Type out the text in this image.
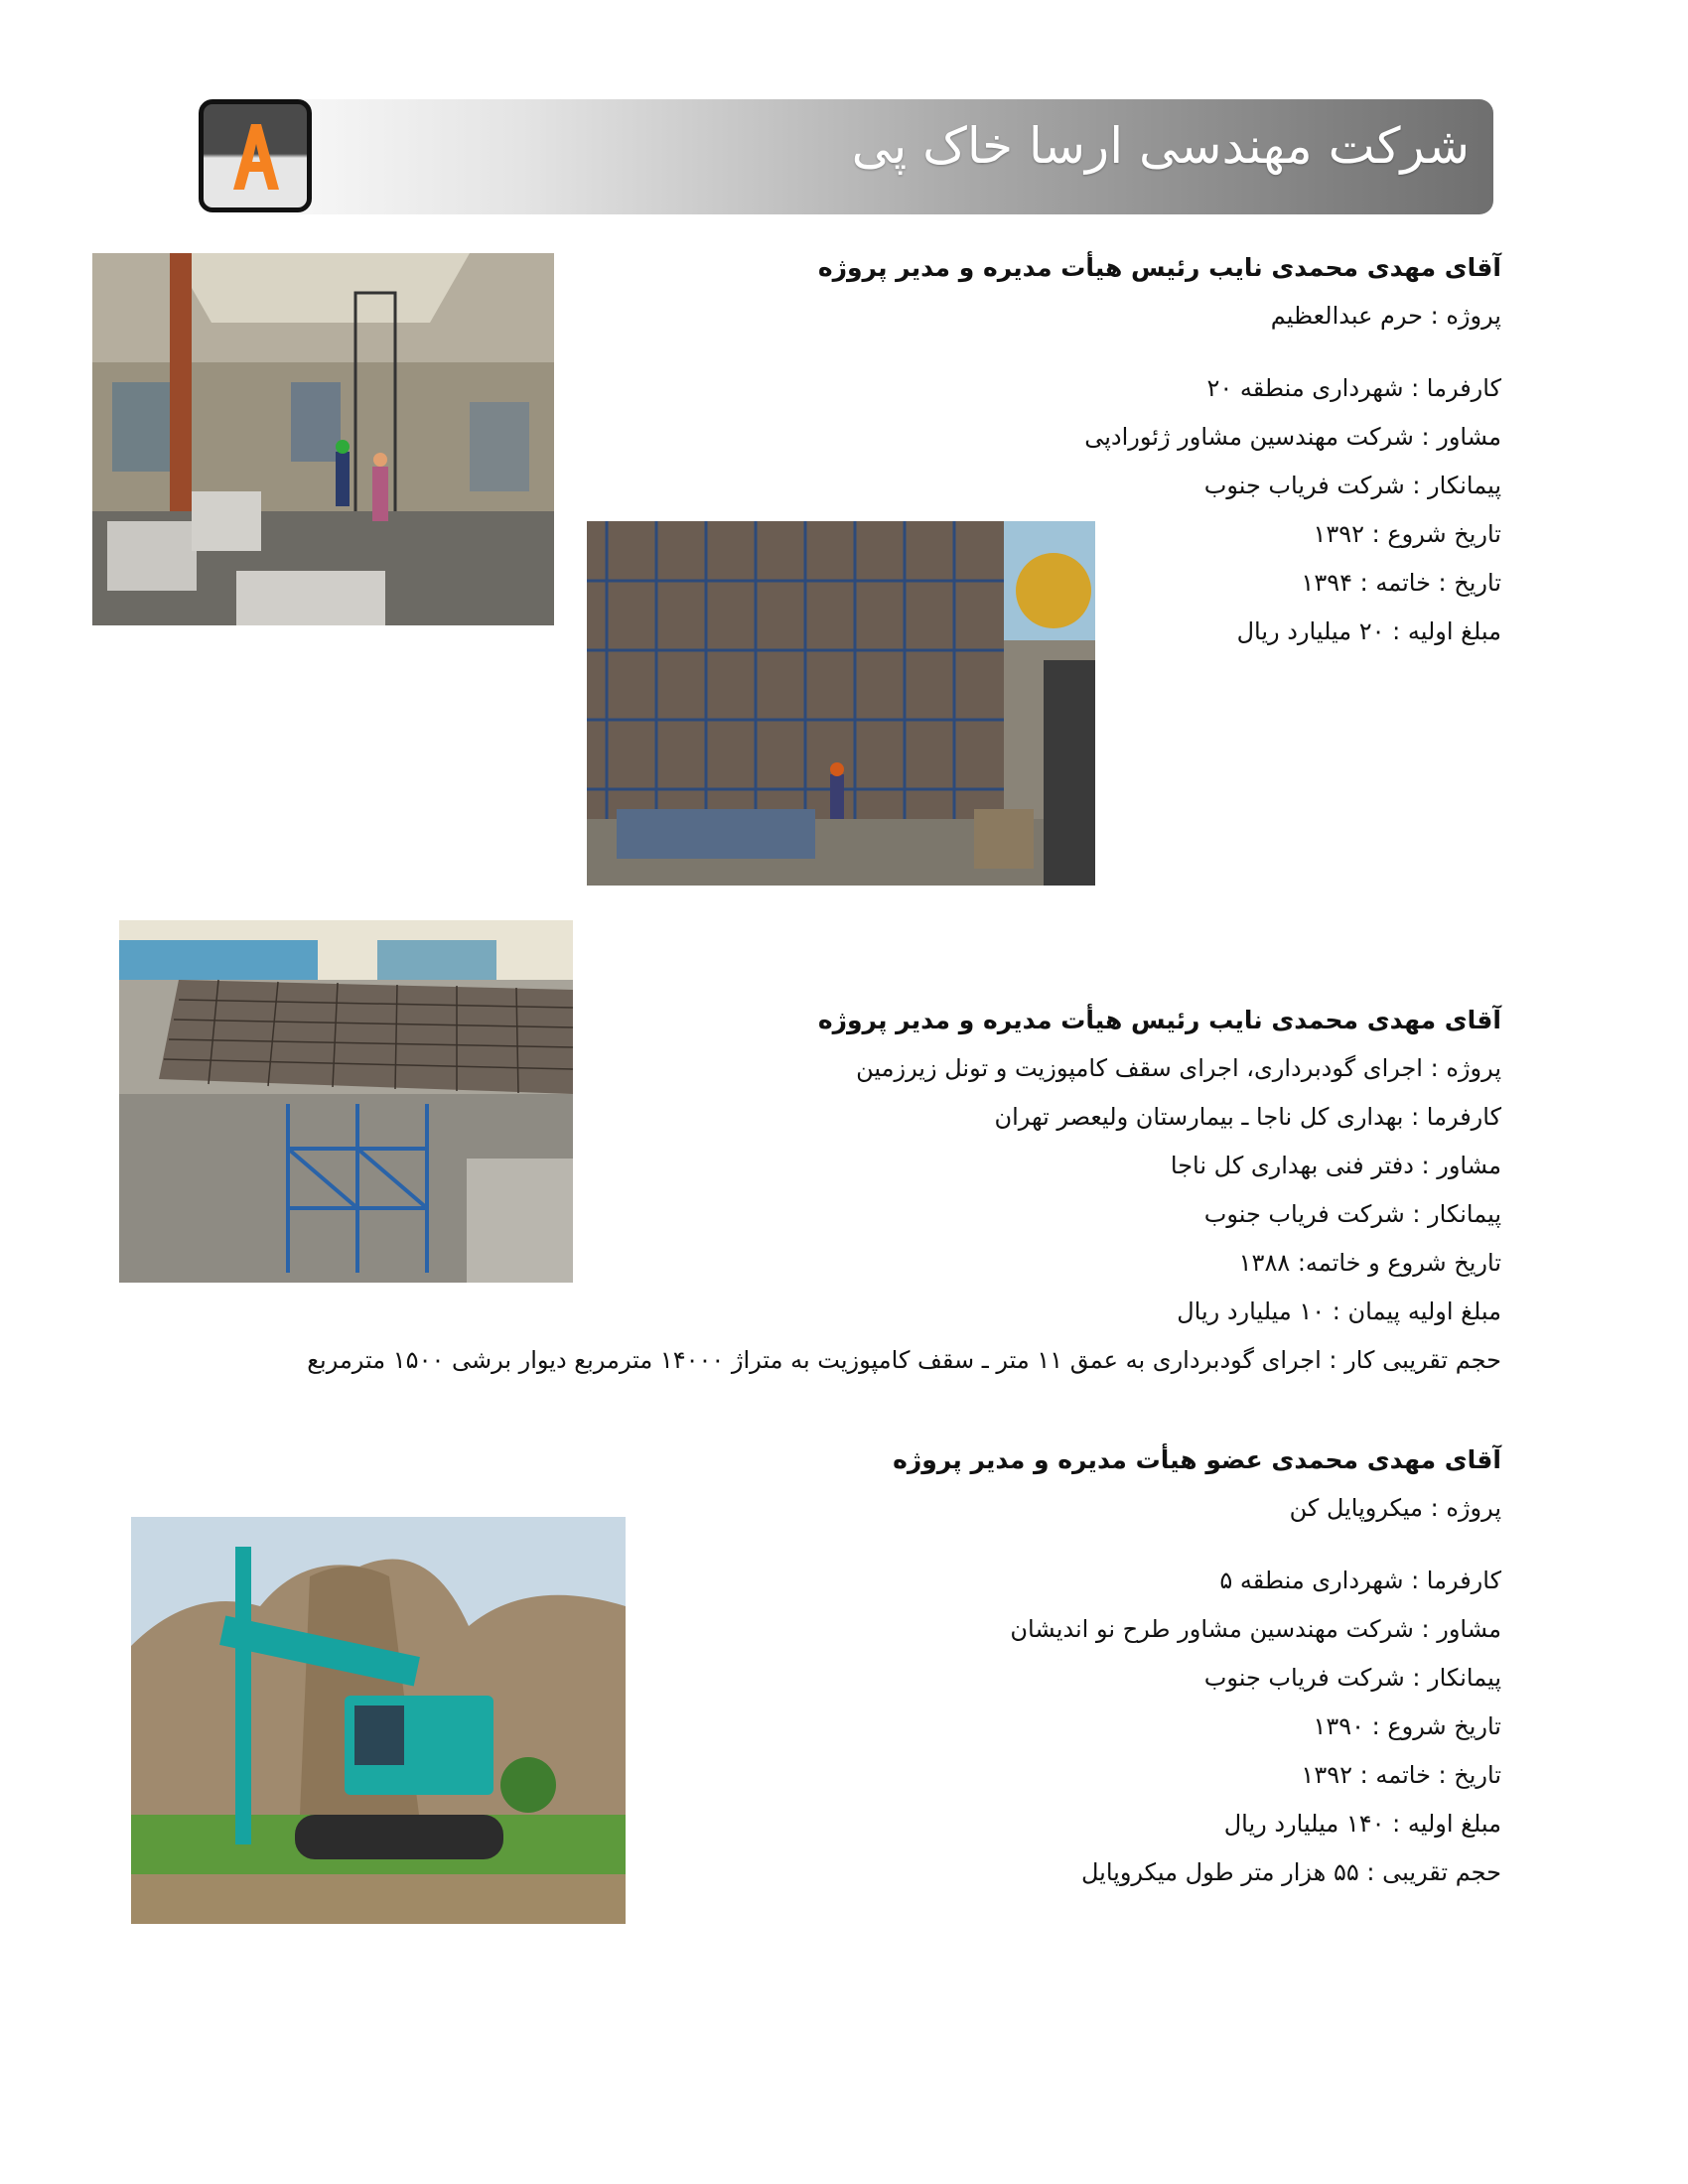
شرکت مهندسی ارسا خاک پی
آقای مهدی محمدی نایب رئیس هیأت مدیره و مدیر پروژه
پروژه : حرم عبدالعظیم
کارفرما : شهرداری منطقه ۲۰
مشاور : شرکت مهندسین مشاور ژئورادپی
پیمانکار : شرکت فریاب جنوب
تاریخ شروع : ۱۳۹۲
تاریخ : خاتمه : ۱۳۹۴
مبلغ اولیه : ۲۰ میلیارد ریال
آقای مهدی محمدی نایب رئیس هیأت مدیره و مدیر پروژه
پروژه : اجرای گودبرداری، اجرای سقف کامپوزیت و تونل زیرزمین
کارفرما : بهداری کل ناجا ـ بیمارستان ولیعصر تهران
مشاور : دفتر فنی بهداری کل ناجا
پیمانکار : شرکت فریاب جنوب
تاریخ شروع و خاتمه: ۱۳۸۸
مبلغ اولیه پیمان : ۱۰ میلیارد ریال
حجم تقریبی کار : اجرای گودبرداری به عمق ۱۱ متر ـ سقف کامپوزیت به متراژ ۱۴۰۰۰ مترمربع دیوار برشی ۱۵۰۰ مترمربع
آقای مهدی محمدی عضو هیأت مدیره و مدیر پروژه
پروژه : میکروپایل کن
کارفرما : شهرداری منطقه ۵
مشاور : شرکت مهندسین مشاور طرح نو اندیشان
پیمانکار : شرکت فریاب جنوب
تاریخ شروع : ۱۳۹۰
تاریخ : خاتمه : ۱۳۹۲
مبلغ اولیه : ۱۴۰ میلیارد ریال
حجم تقریبی : ۵۵ هزار متر طول میکروپایل
